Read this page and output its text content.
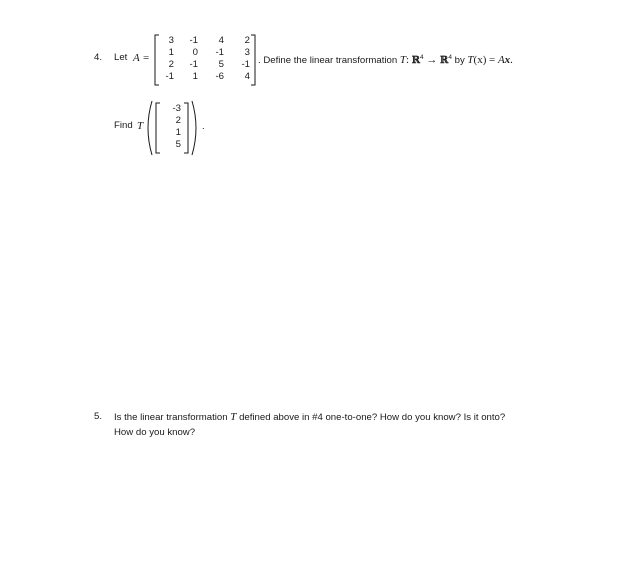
4. Let A =
3	-1	4	2
1	0	-1	3
2	-1	5	-1
-1	1	-6	4
. Define the linear transformation T: ℝ$^4$ → ℝ$^4$ by T(x) = Ax.
Find T
-3
2
1
5
.
5. Is the linear transformation T defined above in #4 one-to-one? How do you know? Is it onto?
How do you know?
